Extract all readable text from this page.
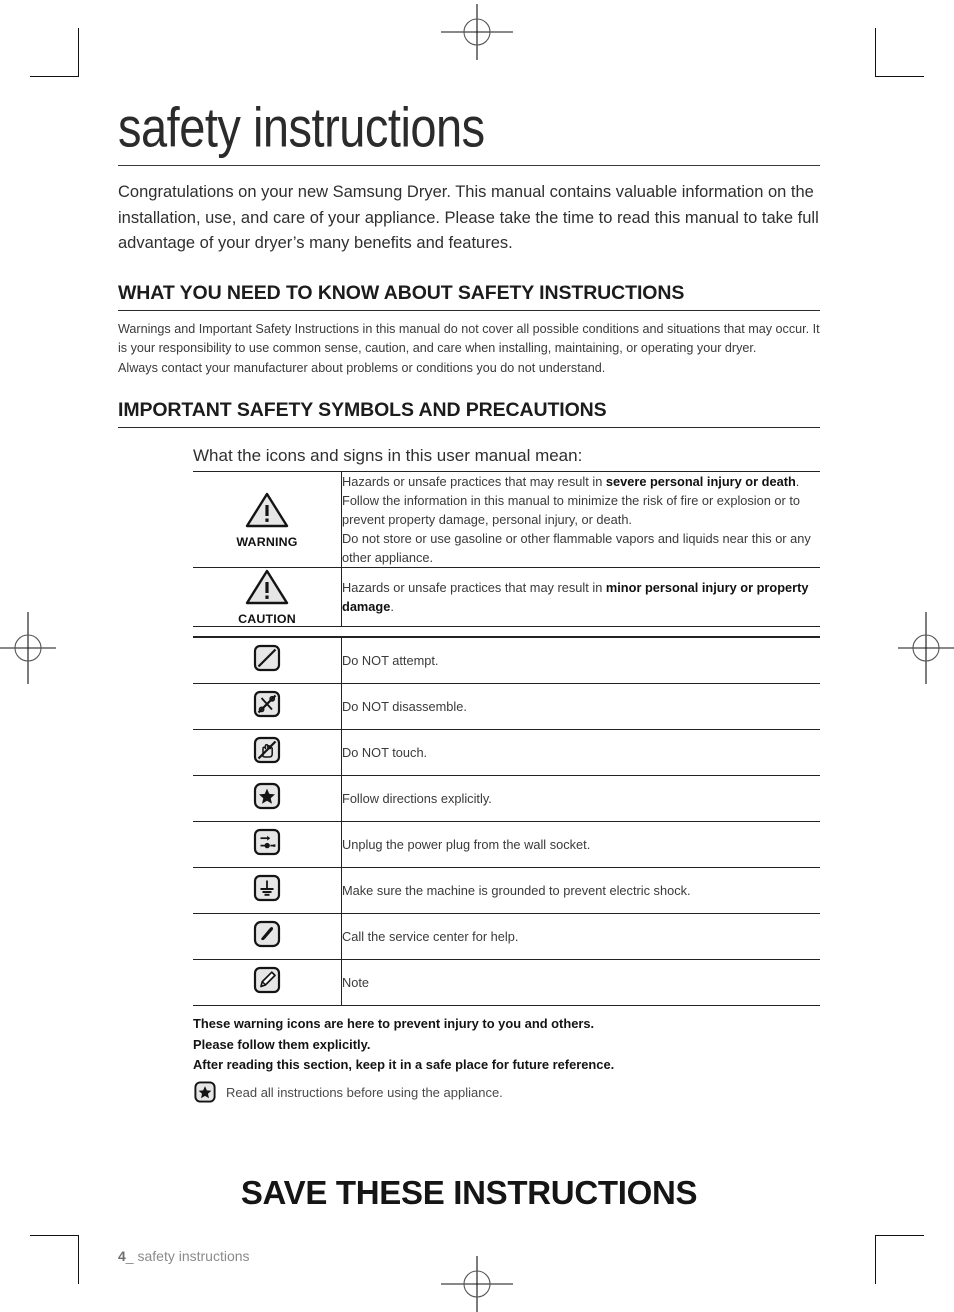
safety instructions

Congratulations on your new Samsung Dryer. This manual contains valuable information on the installation, use, and care of your appliance. Please take the time to read this manual to take full advantage of your dryer’s many benefits and features.

WHAT YOU NEED TO KNOW ABOUT SAFETY INSTRUCTIONS

Warnings and Important Safety Instructions in this manual do not cover all possible conditions and situations that may occur. It is your responsibility to use common sense, caution, and care when installing, maintaining, or operating your dryer.

Always contact your manufacturer about problems or conditions you do not understand.

IMPORTANT SAFETY SYMBOLS AND PRECAUTIONS
What the icons and signs in this user manual mean:
WARNING	Hazards or unsafe practices that may result in severe personal injury or death.
Follow the information in this manual to minimize the risk of fire or explosion or to prevent property damage, personal injury, or death.
Do not store or use gasoline or other flammable vapors and liquids near this or any other appliance.

CAUTION	Hazards or unsafe practices that may result in minor personal injury or property damage.

	Do NOT attempt.

	Do NOT disassemble.

	Do NOT touch.

	Follow directions explicitly.

	Unplug the power plug from the wall socket.

	Make sure the machine is grounded to prevent electric shock.

	Call the service center for help.

	Note

These warning icons are here to prevent injury to you and others.

Please follow them explicitly.

After reading this section, keep it in a safe place for future reference.

Read all instructions before using the appliance.
SAVE THESE INSTRUCTIONS
4_ safety instructions
